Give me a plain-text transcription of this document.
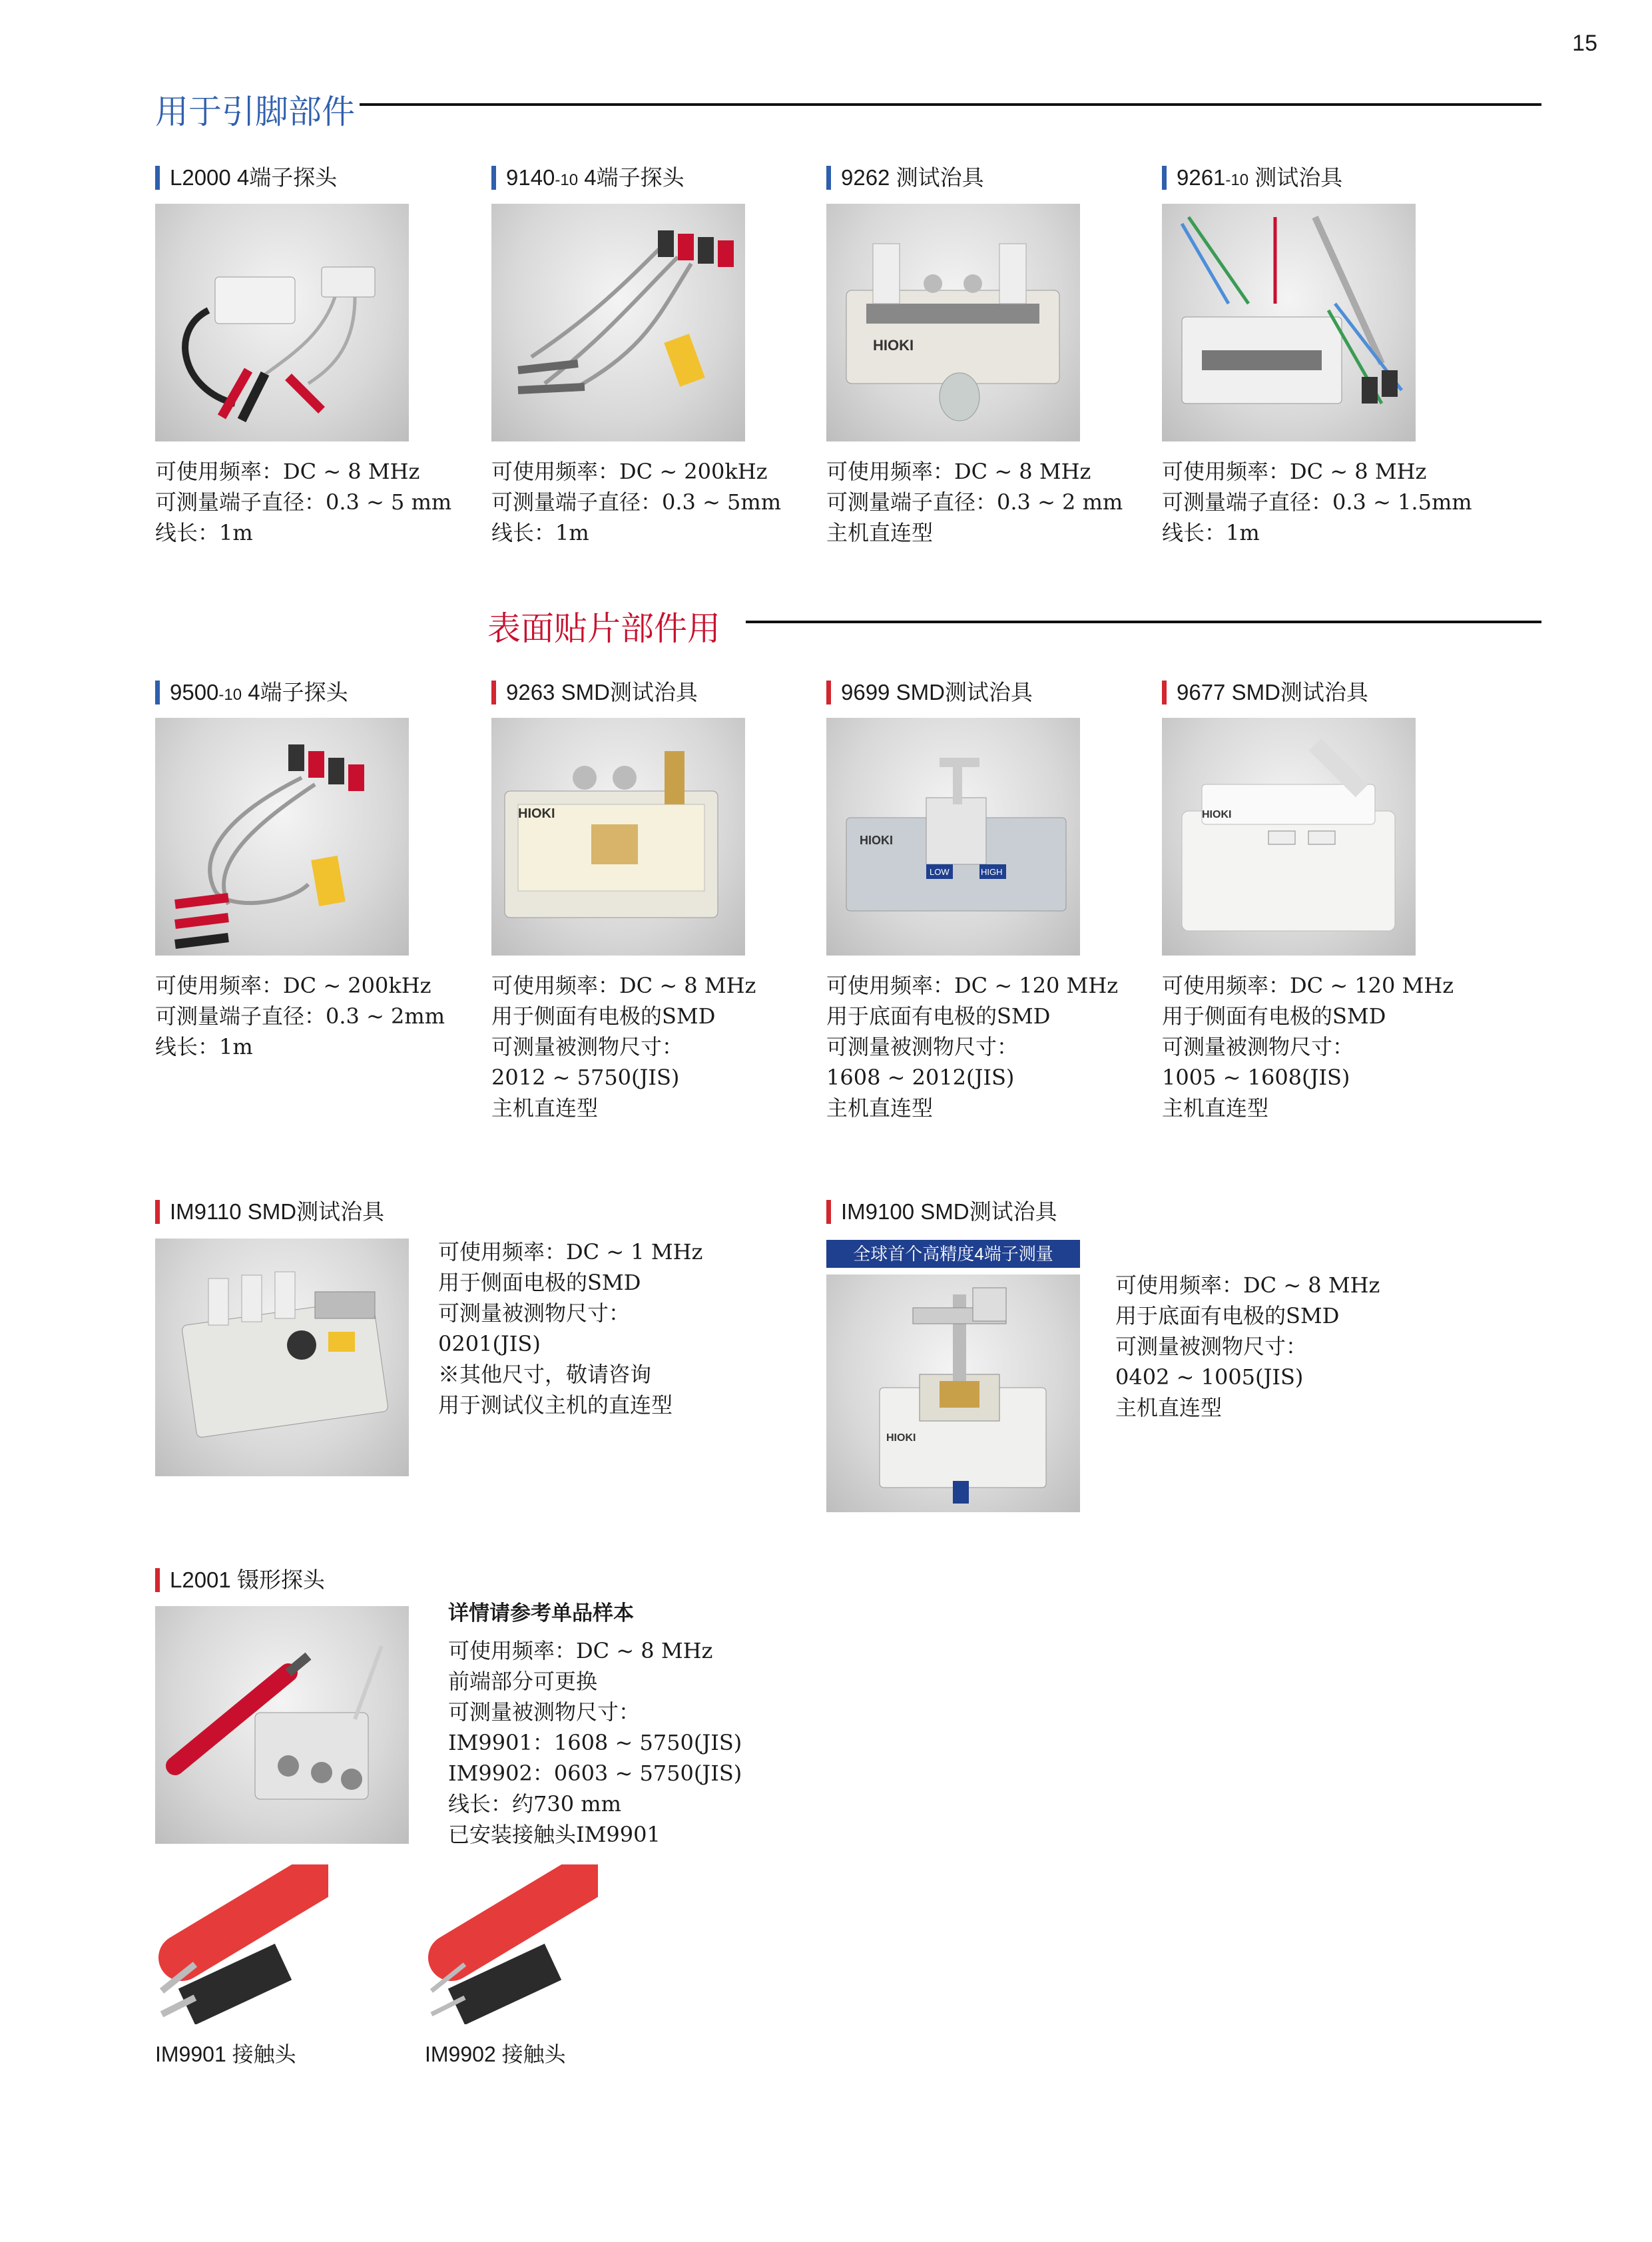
15
用于引脚部件
L2000 4端子探头	9140-10 4端子探头	9262 测试治具	9261-10 测试治具
HIOKI
可使用频率：DC ~ 8 MHz
可测量端子直径：0.3 ~ 5 mm
线长：1m
可使用频率：DC ~ 200kHz
可测量端子直径：0.3 ~ 5mm
线长：1m
可使用频率：DC ~ 8 MHz
可测量端子直径：0.3 ~ 2 mm
主机直连型
可使用频率：DC ~ 8 MHz
可测量端子直径：0.3 ~ 1.5mm
线长：1m
表面贴片部件用
9500-10 4端子探头	9263 SMD测试治具	9699 SMD测试治具	9677 SMD测试治具
HIOKI
LOW	HIGH
HIOKI
HIOKI
可使用频率：DC ~ 200kHz
可测量端子直径：0.3 ~ 2mm
线长：1m
可使用频率：DC ~ 8 MHz
用于侧面有电极的SMD
可测量被测物尺寸：
2012 ~ 5750(JIS)
主机直连型
可使用频率：DC ~ 120 MHz
用于底面有电极的SMD
可测量被测物尺寸：
1608 ~ 2012(JIS)
主机直连型
可使用频率：DC ~ 120 MHz
用于侧面有电极的SMD
可测量被测物尺寸：
1005 ~ 1608(JIS)
主机直连型
IM9110 SMD测试治具
可使用频率：DC ~ 1 MHz
用于侧面电极的SMD
可测量被测物尺寸：
0201(JIS)
※其他尺寸，敬请咨询
用于测试仪主机的直连型
IM9100 SMD测试治具
全球首个高精度4端子测量
HIOKI
可使用频率：DC ~ 8 MHz
用于底面有电极的SMD
可测量被测物尺寸：
0402 ~ 1005(JIS)
主机直连型
L2001 镊形探头
详情请参考单品样本
可使用频率：DC ~ 8 MHz
前端部分可更换
可测量被测物尺寸：
IM9901：1608 ~ 5750(JIS)
IM9902：0603 ~ 5750(JIS)
线长：约730 mm
已安装接触头IM9901
IM9901 接触头	IM9902 接触头
